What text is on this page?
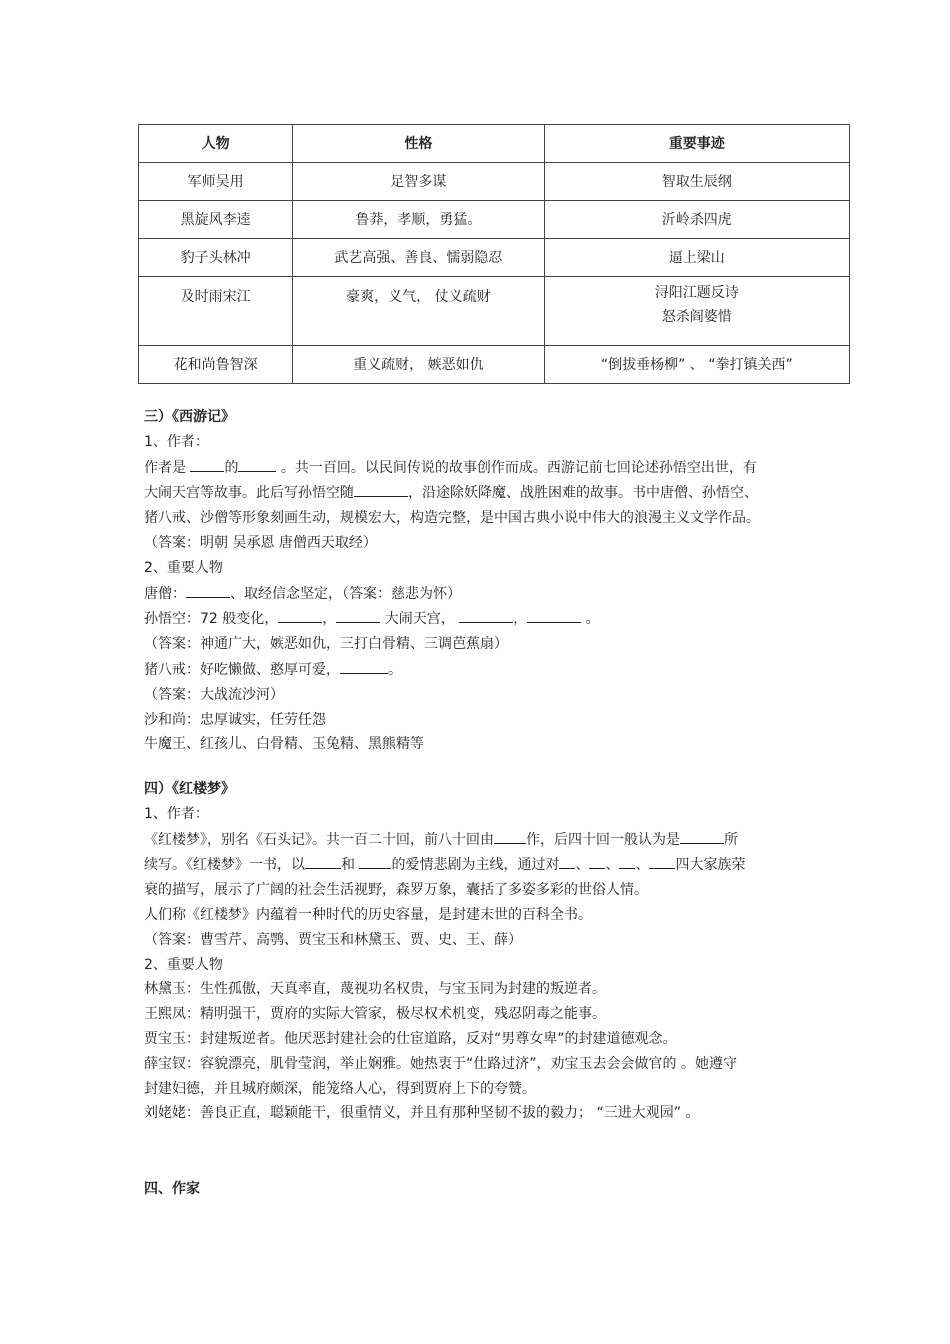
人物	性格	重要事迹
军师吴用	足智多谋	智取生辰纲
黑旋风李逵	鲁莽，孝顺，勇猛。	沂岭杀四虎
豹子头林冲	武艺高强、善良、懦弱隐忍	逼上梁山
及时雨宋江	豪爽，义气， 仗义疏财	浔阳江题反诗
怒杀阎婆惜

花和尚鲁智深	重义疏财， 嫉恶如仇	“倒拔垂杨柳” 、 “拳打镇关西”

三）《西游记》

1、作者：

作者是 的	。共一百回。以民间传说的故事创作而成。西游记前七回论述孙悟空出世，有

大闹天宫等故事。此后写孙悟空随	，沿途除妖降魔、战胜困难的故事。书中唐僧、孙悟空、

猪八戒、沙僧等形象刻画生动，规模宏大，构造完整，是中国古典小说中伟大的浪漫主义文学作品。

（答案：明朝 吴承恩 唐僧西天取经）

2、重要人物

唐僧：	、取经信念坚定，（答案：慈悲为怀）

孙悟空：72 般变化，	，	大闹天宫，	，	。

（答案：神通广大，嫉恶如仇，三打白骨精、三调芭蕉扇）

猪八戒：好吃懒做、憨厚可爱，	。

（答案：大战流沙河）

沙和尚：忠厚诚实，任劳任怨

牛魔王、红孩儿、白骨精、玉兔精、黑熊精等

四）《红楼梦》

1、作者：

《红楼梦》，别名《石头记》。共一百二十回，前八十回由 作，后四十回一般认为是	所

续写。《红楼梦》一书，以	和 的爱情悲剧为主线，通过对 、 、 、 四大家族荣

衰的描写，展示了广阔的社会生活视野，森罗万象，囊括了多姿多彩的世俗人情。

人们称《红楼梦》内蕴着一种时代的历史容量，是封建末世的百科全书。

（答案：曹雪芹、高鹗、贾宝玉和林黛玉、贾、史、王、薛）

2、重要人物

林黛玉：生性孤傲，天真率直，蔑视功名权贵，与宝玉同为封建的叛逆者。

王熙凤：精明强干，贾府的实际大管家，极尽权术机变，残忍阴毒之能事。

贾宝玉：封建叛逆者。他厌恶封建社会的仕宦道路，反对“男尊女卑”的封建道德观念。

薛宝钗：容貌漂亮，肌骨莹润，举止娴雅。她热衷于“仕路过济”，劝宝玉去会会做官的 。她遵守

封建妇德，并且城府颇深，能笼络人心，得到贾府上下的夸赞。

刘姥姥：善良正直，聪颖能干，很重情义，并且有那种坚韧不拔的毅力； “三进大观园” 。

四、作家
